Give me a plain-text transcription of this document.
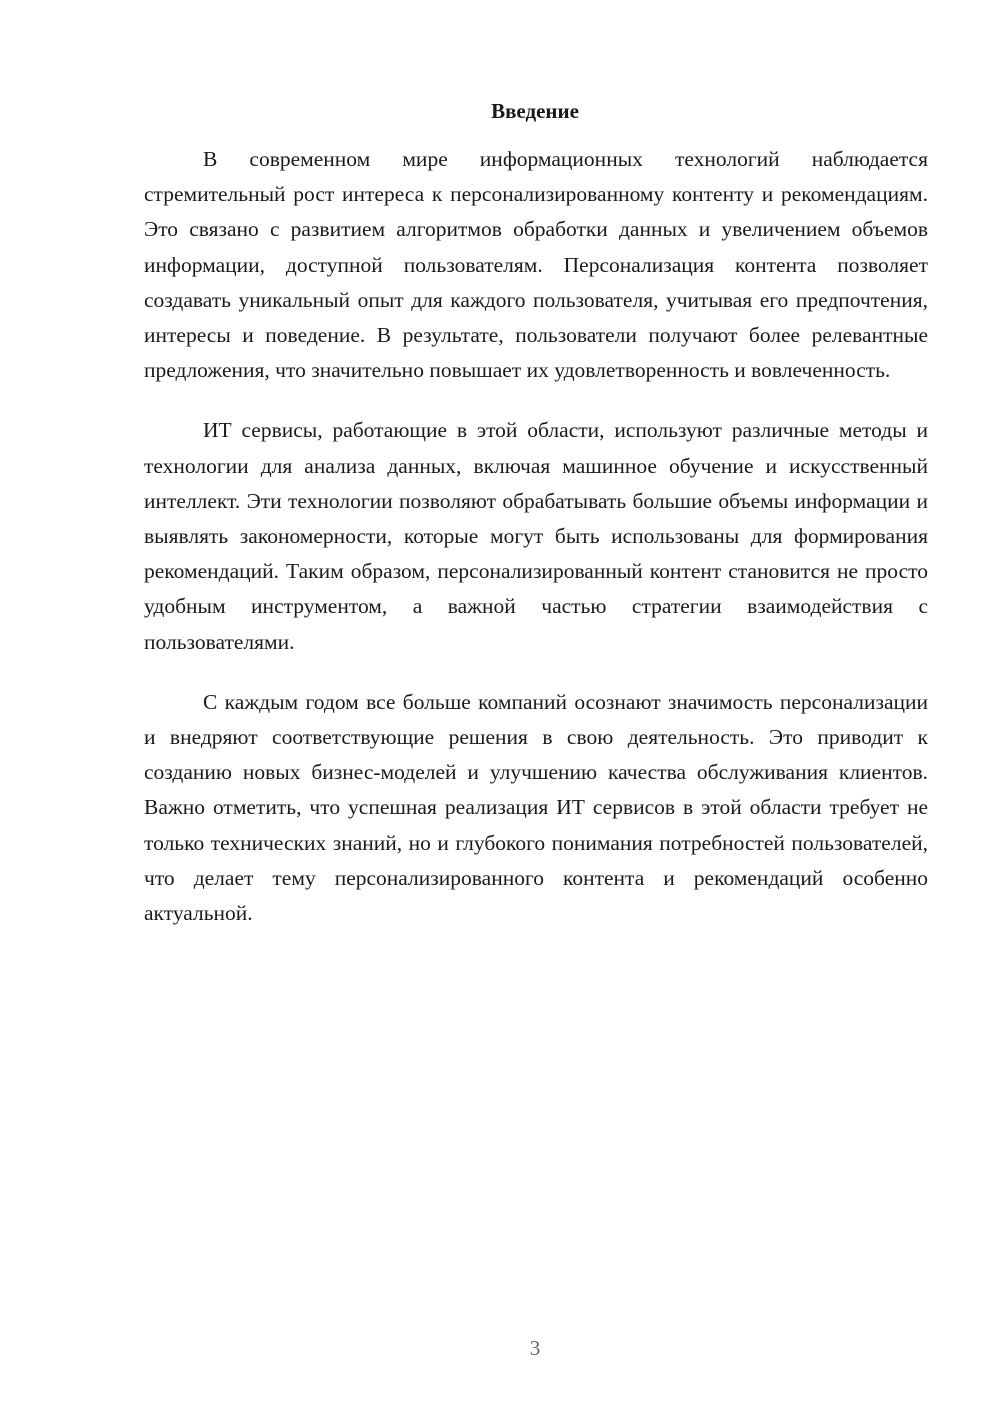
Введение

В современном мире информационных технологий наблюдается стремительный рост интереса к персонализированному контенту и рекомендациям. Это связано с развитием алгоритмов обработки данных и увеличением объемов информации, доступной пользователям. Персонализация контента позволяет создавать уникальный опыт для каждого пользователя, учитывая его предпочтения, интересы и поведение. В результате, пользователи получают более релевантные предложения, что значительно повышает их удовлетворенность и вовлеченность.

ИТ сервисы, работающие в этой области, используют различные методы и технологии для анализа данных, включая машинное обучение и искусственный интеллект. Эти технологии позволяют обрабатывать большие объемы информации и выявлять закономерности, которые могут быть использованы для формирования рекомендаций. Таким образом, персонализированный контент становится не просто удобным инструментом, а важной частью стратегии взаимодействия с пользователями.

С каждым годом все больше компаний осознают значимость персонализации и внедряют соответствующие решения в свою деятельность. Это приводит к созданию новых бизнес-моделей и улучшению качества обслуживания клиентов. Важно отметить, что успешная реализация ИТ сервисов в этой области требует не только технических знаний, но и глубокого понимания потребностей пользователей, что делает тему персонализированного контента и рекомендаций особенно актуальной.

3
